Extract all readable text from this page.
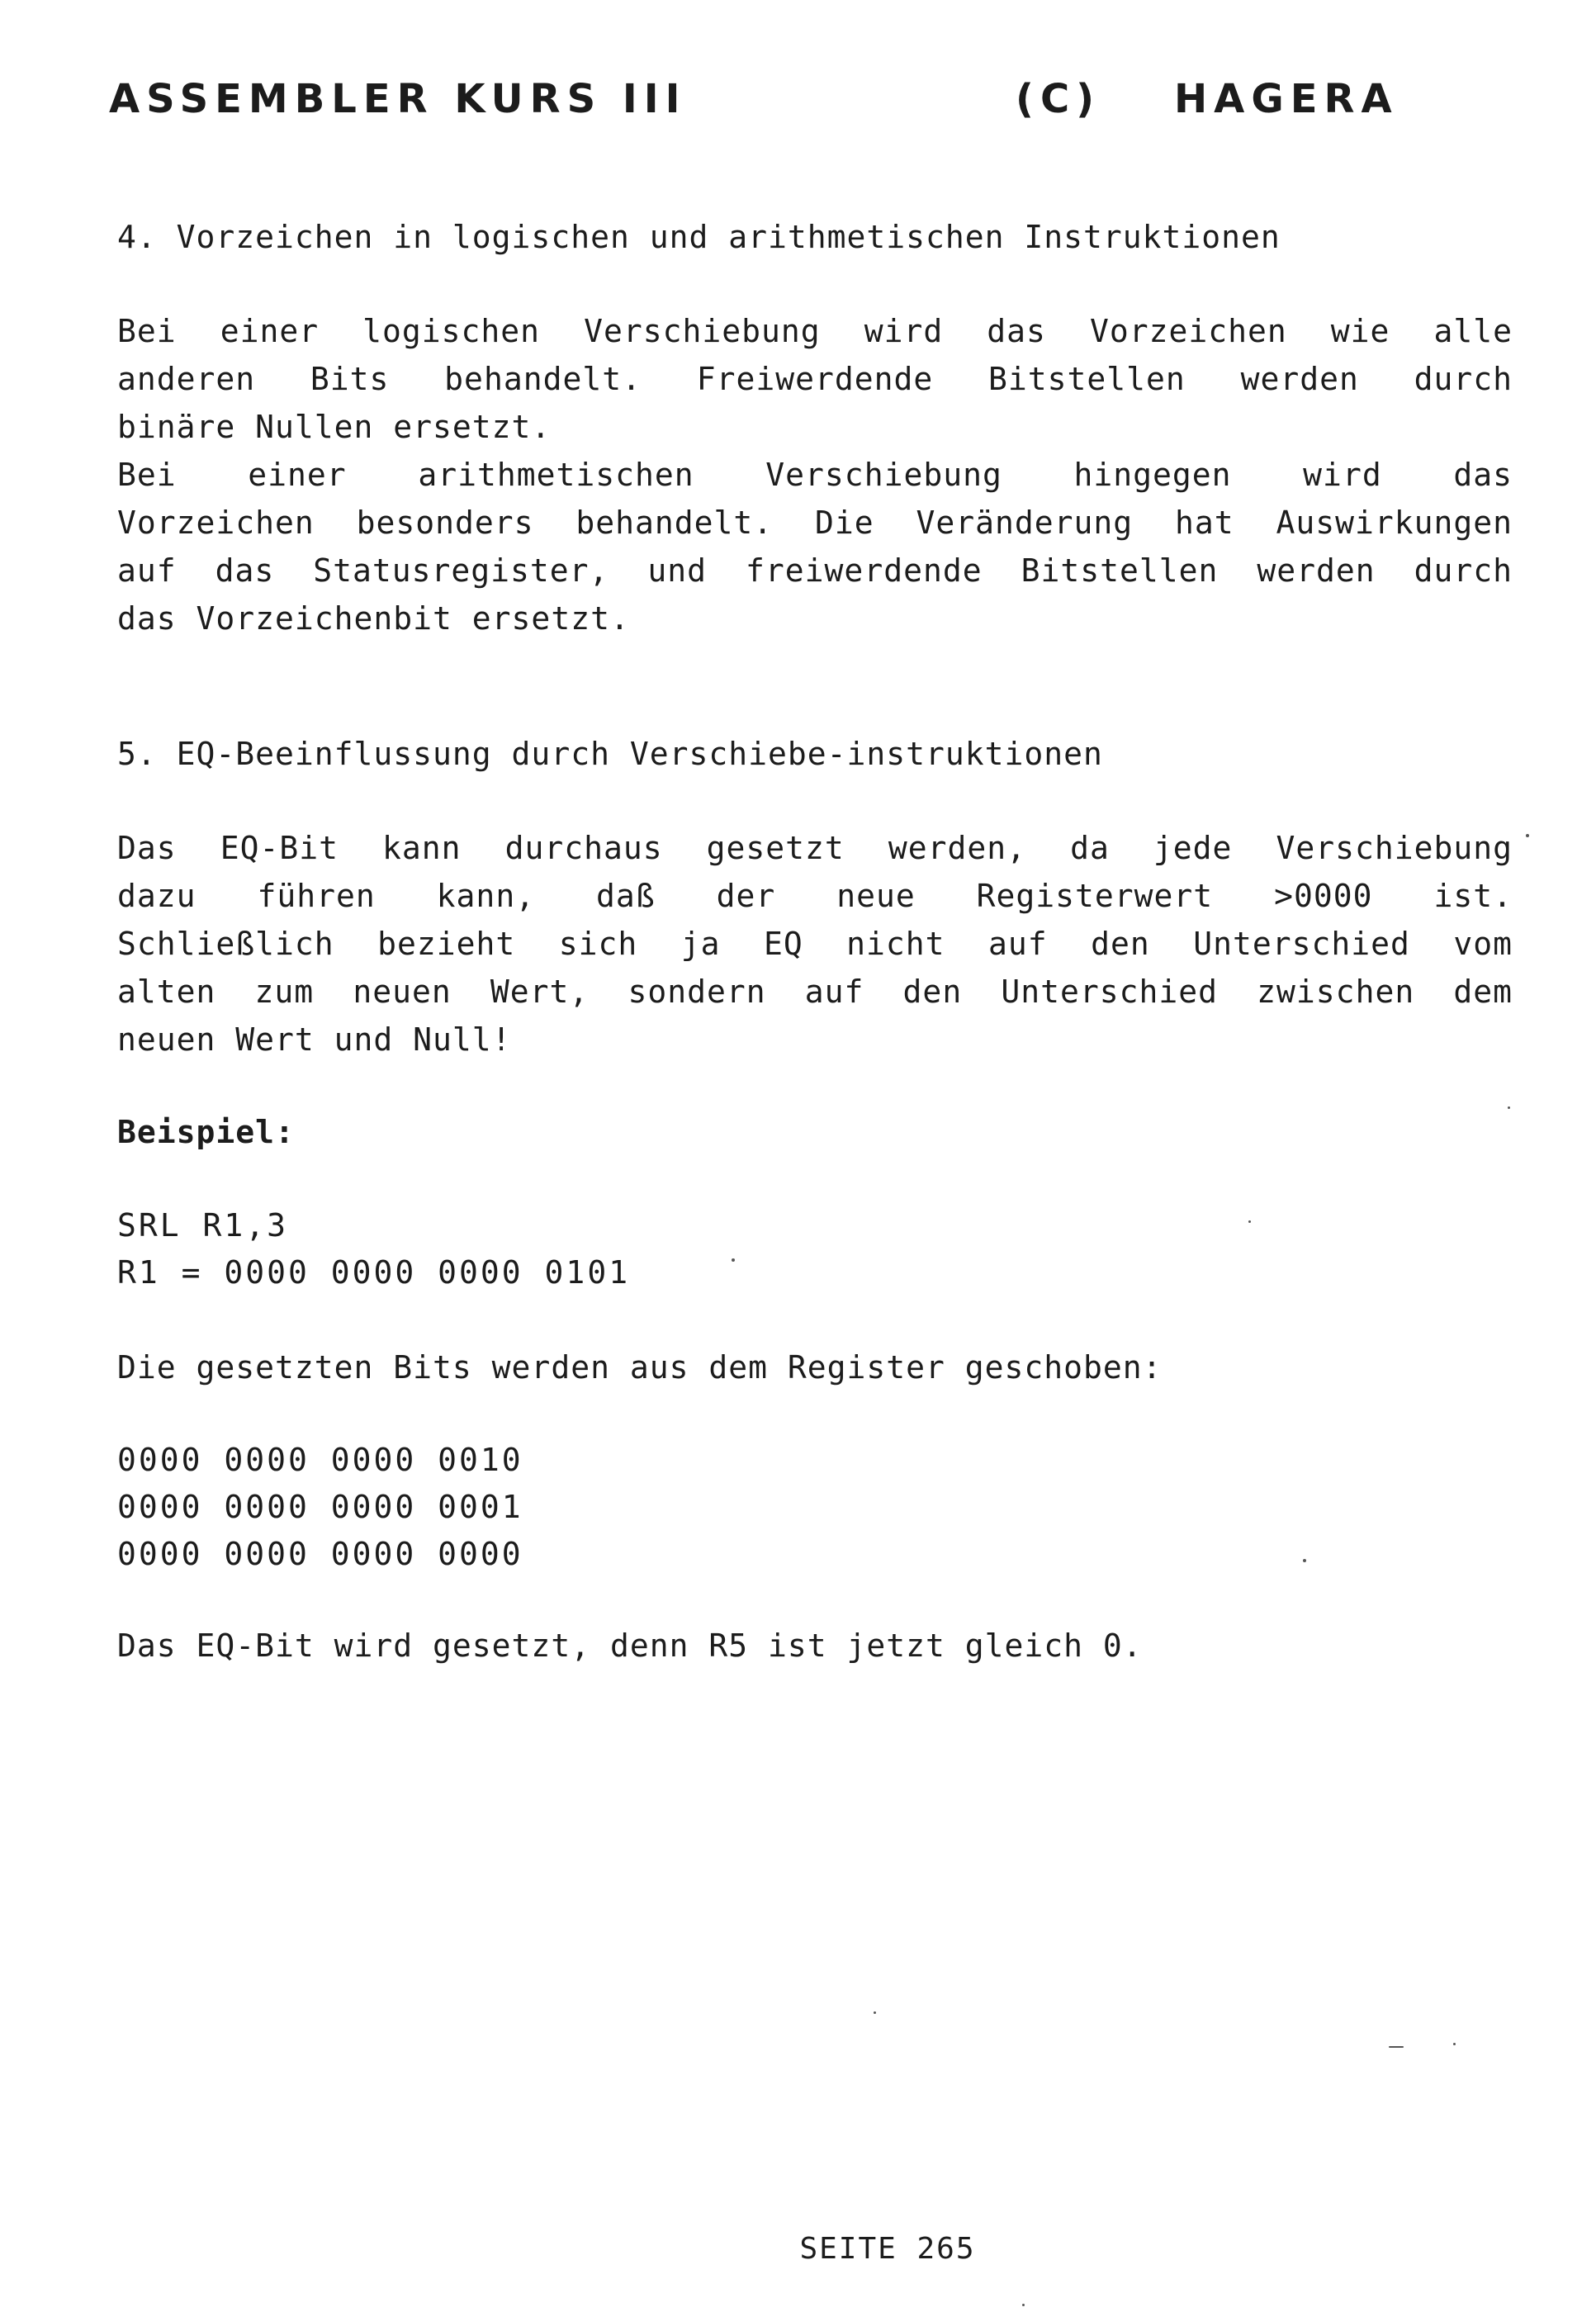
ASSEMBLER KURS III

	(C)

HAGERA

4. Vorzeichen in logischen und arithmetischen Instruktionen
Bei einer logischen Verschiebung wird das Vorzeichen wie alle
anderen Bits behandelt. Freiwerdende Bitstellen werden durch
binäre Nullen ersetzt.
Bei einer arithmetischen Verschiebung hingegen wird das
Vorzeichen besonders behandelt. Die Veränderung hat Auswirkungen
auf das Statusregister, und freiwerdende Bitstellen werden durch
das Vorzeichenbit ersetzt.
5. EQ-Beeinflussung durch Verschiebe-instruktionen
Das EQ-Bit kann durchaus gesetzt werden, da jede Verschiebung
dazu führen kann, daß der neue Registerwert >0000 ist.
Schließlich bezieht sich ja EQ nicht auf den Unterschied vom
alten zum neuen Wert, sondern auf den Unterschied zwischen dem
neuen Wert und Null!
Beispiel:
SRL R1,3
R1 = 0000 0000 0000 0101
Die gesetzten Bits werden aus dem Register geschoben:
0000 0000 0000 0010
0000 0000 0000 0001
0000 0000 0000 0000
Das EQ-Bit wird gesetzt, denn R5 ist jetzt gleich 0.
SEITE 265
